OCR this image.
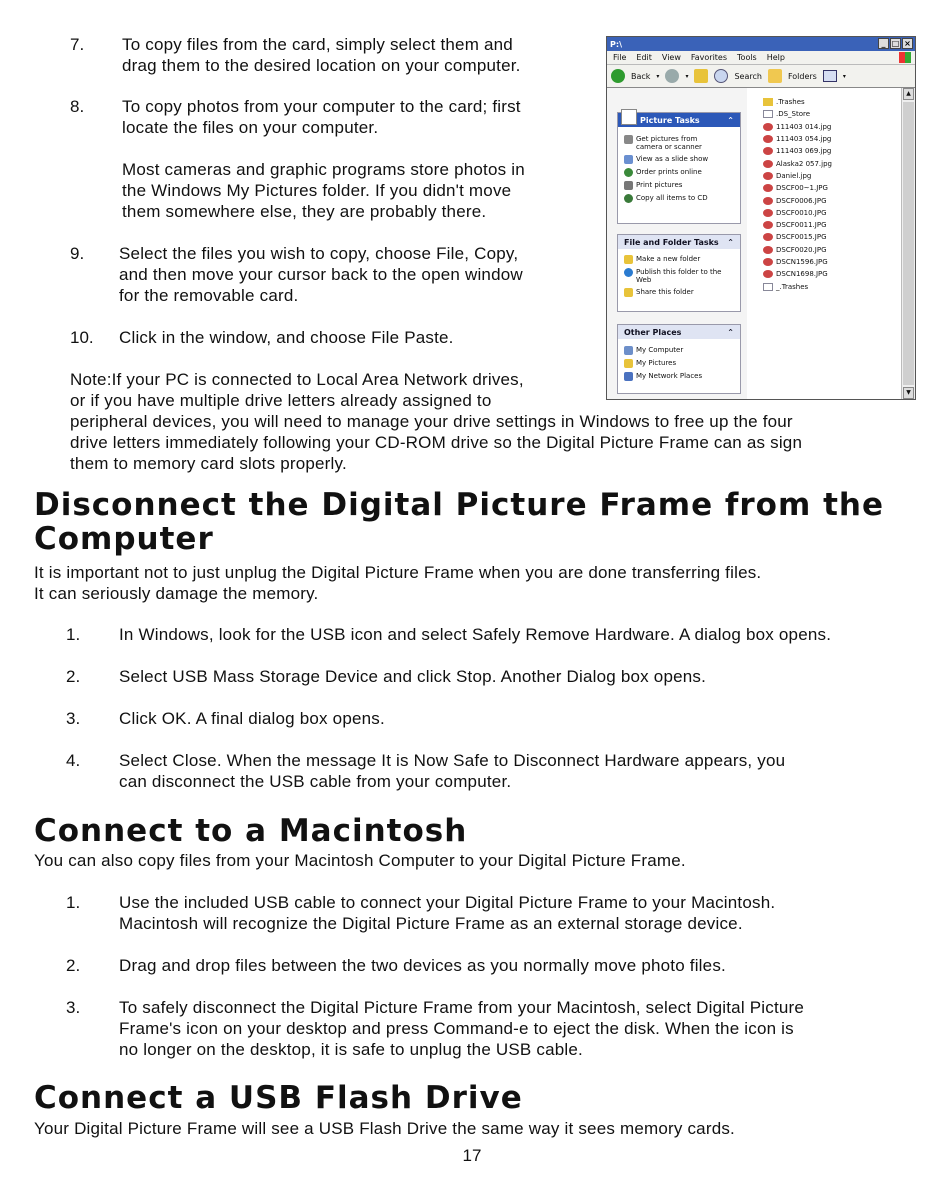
7. To copy files from the card, simply select them and
drag them to the desired location on your computer.
8. To copy photos from your computer to the card; first
locate the files on your computer.
Most cameras and graphic programs store photos in
the Windows My Pictures folder. If you didn't move
them somewhere else, they are probably there.
9. Select the files you wish to copy, choose File, Copy,
and then move your cursor back to the open window
for the removable card.
10. Click in the window, and choose File Paste.
Note:If your PC is connected to Local Area Network drives,
or if you have multiple drive letters already assigned to
peripheral devices, you will need to manage your drive settings in Windows to free up the four
drive letters immediately following your CD-ROM drive so the Digital Picture Frame can as sign
them to memory card slots properly.
P:\	_ □ ×
File Edit View Favorites Tools Help
Back ▾	▾	Search	Folders	▾
Picture Tasks	⌃
Get pictures from
camera or scanner
View as a slide show
Order prints online
Print pictures
Copy all items to CD
File and Folder Tasks ⌃
Make a new folder
Publish this folder to the
Web
Share this folder
Other Places	⌃
My Computer
My Pictures
My Network Places
.Trashes
.DS_Store
111403 014.jpg
111403 054.jpg
111403 069.jpg
Alaska2 057.jpg
Daniel.jpg
DSCF00~1.JPG
DSCF0006.JPG
DSCF0010.JPG
DSCF0011.JPG
DSCF0015.JPG
DSCF0020.JPG
DSCN1596.JPG
DSCN1698.JPG
_.Trashes
▲
▼
Disconnect the Digital Picture Frame from the
Computer
It is important not to just unplug the Digital Picture Frame when you are done transferring files.
It can seriously damage the memory.
1. In Windows, look for the USB icon and select Safely Remove Hardware. A dialog box opens.
2. Select USB Mass Storage Device and click Stop. Another Dialog box opens.
3. Click OK. A final dialog box opens.
4. Select Close. When the message It is Now Safe to Disconnect Hardware appears, you
can disconnect the USB cable from your computer.
Connect to a Macintosh
You can also copy files from your Macintosh Computer to your Digital Picture Frame.
1. Use the included USB cable to connect your Digital Picture Frame to your Macintosh.
Macintosh will recognize the Digital Picture Frame as an external storage device.
2. Drag and drop files between the two devices as you normally move photo files.
3. To safely disconnect the Digital Picture Frame from your Macintosh, select Digital Picture
Frame's icon on your desktop and press Command-e to eject the disk. When the icon is
no longer on the desktop, it is safe to unplug the USB cable.
Connect a USB Flash Drive
Your Digital Picture Frame will see a USB Flash Drive the same way it sees memory cards.
17
